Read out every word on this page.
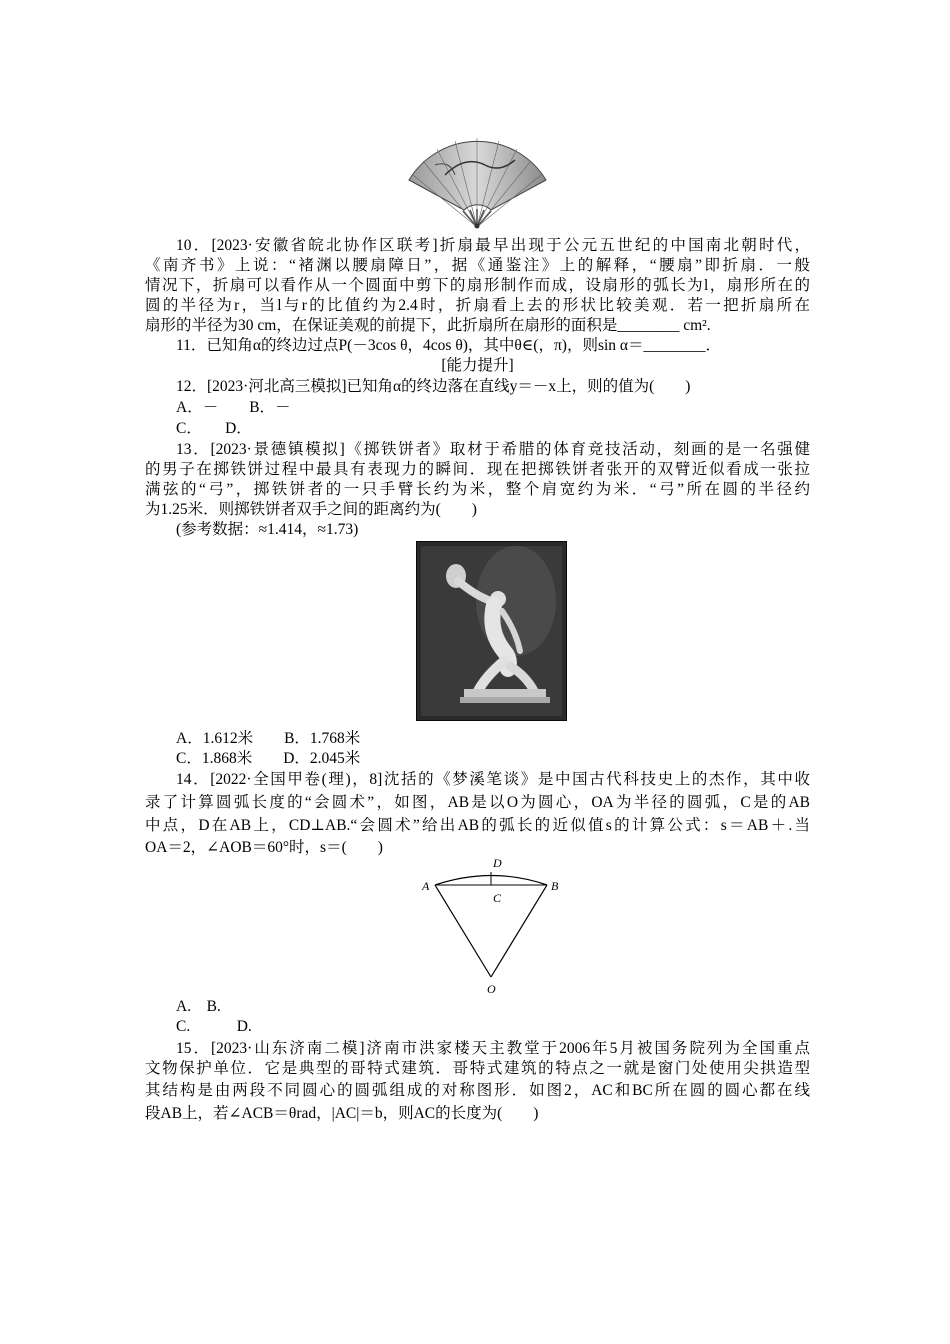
10．[2023·安徽省皖北协作区联考]折扇最早出现于公元五世纪的中国南北朝时代，
《南齐书》上说：“褚渊以腰扇障日”，据《通鉴注》上的解释，“腰扇”即折扇．一般
情况下，折扇可以看作从一个圆面中剪下的扇形制作而成，设扇形的弧长为l，扇形所在的
圆的半径为r，当l与r的比值约为2.4时，折扇看上去的形状比较美观．若一把折扇所在
扇形的半径为30 cm，在保证美观的前提下，此折扇所在扇形的面积是________ cm².
11．已知角α的终边过点P(－3cos θ，4cos θ)，其中θ∈(，π)，则sin α＝________．
[能力提升]
12．[2023·河北高三模拟]已知角α的终边落在直线y＝－x上，则的值为(　　)
A．－　　B．－
C．　　D．
13．[2023·景德镇模拟]《掷铁饼者》取材于希腊的体育竞技活动，刻画的是一名强健
的男子在掷铁饼过程中最具有表现力的瞬间．现在把掷铁饼者张开的双臂近似看成一张拉
满弦的“弓”，掷铁饼者的一只手臂长约为米，整个肩宽约为米．“弓”所在圆的半径约
为1.25米．则掷铁饼者双手之间的距离约为(　　)
(参考数据：≈1.414，≈1.73)
A．1.612米　　B．1.768米
C．1.868米　　D．2.045米
14．[2022·全国甲卷(理)，8]沈括的《梦溪笔谈》是中国古代科技史上的杰作，其中收
录了计算圆弧长度的“会圆术”，如图，AB是以O为圆心，OA为半径的圆弧，C是的AB
中点，D在AB上，CD⊥AB.“会圆术”给出AB的弧长的近似值s的计算公式：s＝AB＋.当
OA＝2，∠AOB＝60°时，s＝(　　)
D
A
C
B
O
A.　B.
C.　　　D.
15．[2023·山东济南二模]济南市洪家楼天主教堂于2006年5月被国务院列为全国重点
文物保护单位．它是典型的哥特式建筑．哥特式建筑的特点之一就是窗门处使用尖拱造型
其结构是由两段不同圆心的圆弧组成的对称图形．如图2，AC和BC所在圆的圆心都在线
段AB上，若∠ACB＝θrad，|AC|＝b，则AC的长度为(　　)
